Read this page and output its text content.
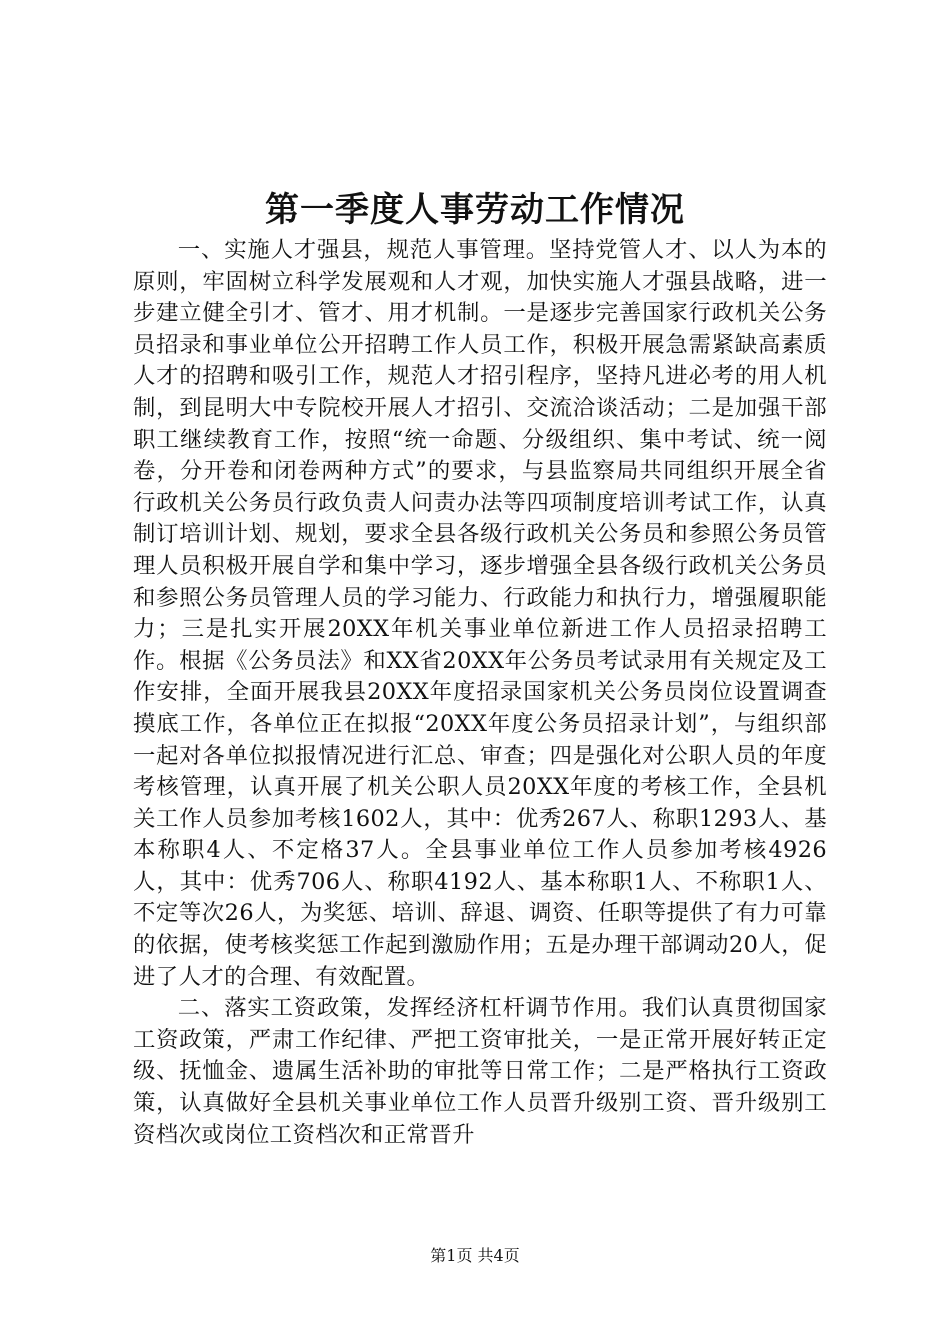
第一季度人事劳动工作情况

一、实施人才强县，规范人事管理。坚持党管人才、以人为本的原则，牢固树立科学发展观和人才观，加快实施人才强县战略，进一步建立健全引才、管才、用才机制。一是逐步完善国家行政机关公务员招录和事业单位公开招聘工作人员工作，积极开展急需紧缺高素质人才的招聘和吸引工作，规范人才招引程序，坚持凡进必考的用人机制，到昆明大中专院校开展人才招引、交流洽谈活动；二是加强干部职工继续教育工作，按照“统一命题、分级组织、集中考试、统一阅卷，分开卷和闭卷两种方式”的要求，与县监察局共同组织开展全省行政机关公务员行政负责人问责办法等四项制度培训考试工作，认真制订培训计划、规划，要求全县各级行政机关公务员和参照公务员管理人员积极开展自学和集中学习，逐步增强全县各级行政机关公务员和参照公务员管理人员的学习能力、行政能力和执行力，增强履职能力；三是扎实开展20XX年机关事业单位新进工作人员招录招聘工作。根据《公务员法》和XX省20XX年公务员考试录用有关规定及工作安排，全面开展我县20XX年度招录国家机关公务员岗位设置调查摸底工作，各单位正在拟报“20XX年度公务员招录计划”，与组织部一起对各单位拟报情况进行汇总、审查；四是强化对公职人员的年度考核管理，认真开展了机关公职人员20XX年度的考核工作，全县机关工作人员参加考核1602人，其中：优秀267人、称职1293人、基本称职4人、不定格37人。全县事业单位工作人员参加考核4926人，其中：优秀706人、称职4192人、基本称职1人、不称职1人、不定等次26人，为奖惩、培训、辞退、调资、任职等提供了有力可靠的依据，使考核奖惩工作起到激励作用；五是办理干部调动20人，促进了人才的合理、有效配置。

二、落实工资政策，发挥经济杠杆调节作用。我们认真贯彻国家工资政策，严肃工作纪律、严把工资审批关，一是正常开展好转正定级、抚恤金、遗属生活补助的审批等日常工作；二是严格执行工资政策，认真做好全县机关事业单位工作人员晋升级别工资、晋升级别工资档次或岗位工资档次和正常晋升

第1页 共4页
